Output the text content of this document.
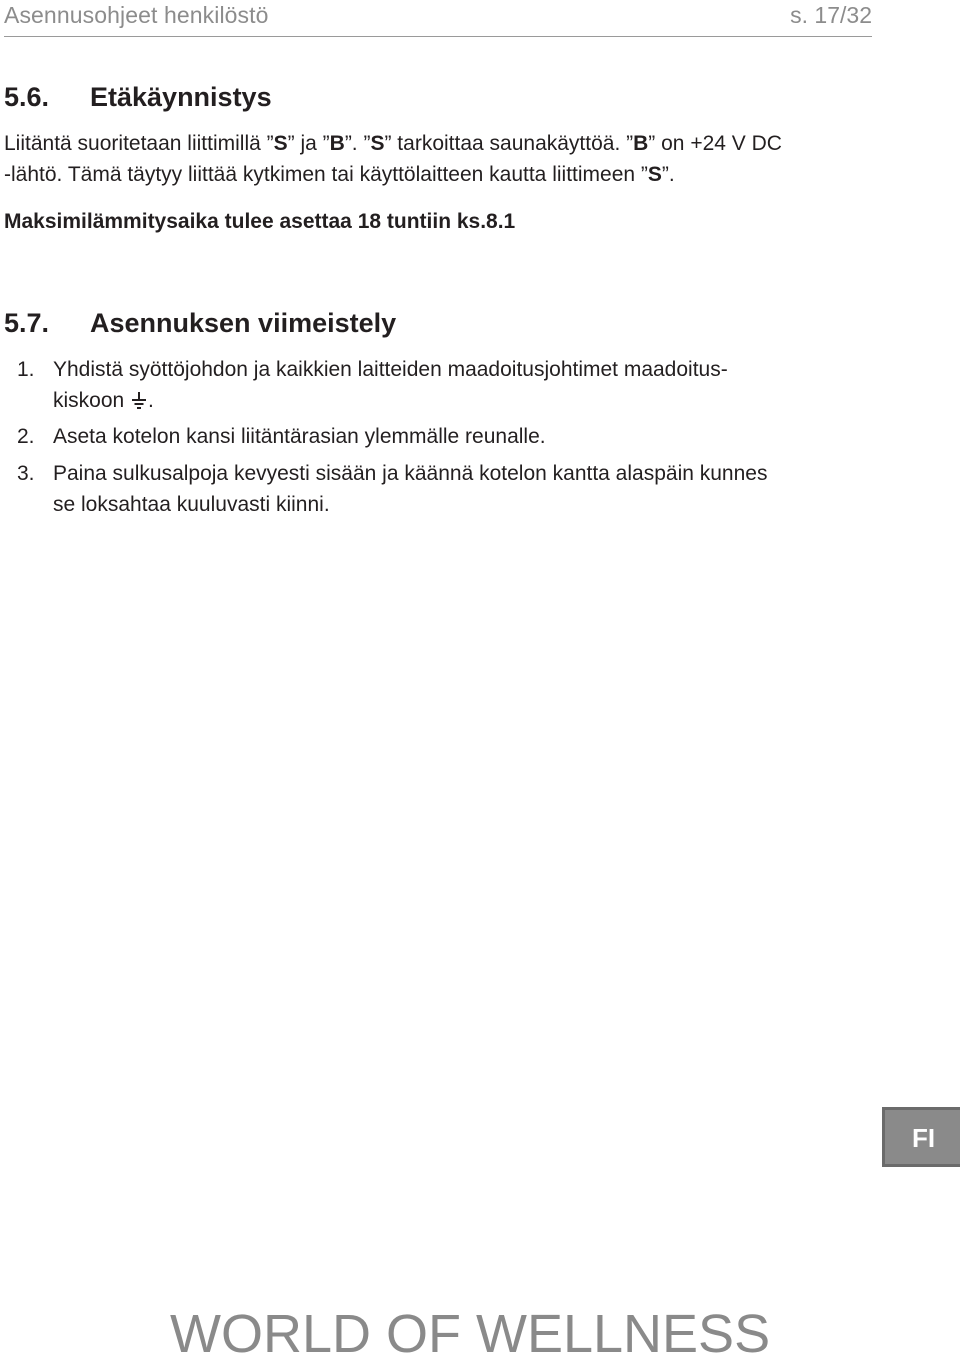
Asennusohjeet henkilöstö	s. 17/32
5.6. Etäkäynnistys
Liitäntä suoritetaan liittimillä ”S” ja ”B”. ”S” tarkoittaa saunakäyttöä. ”B” on +24 V DC
-lähtö. Tämä täytyy liittää kytkimen tai käyttölaitteen kautta liittimeen ”S”.
Maksimilämmitysaika tulee asettaa 18 tuntiin ks.8.1
5.7. Asennuksen viimeistely
1. Yhdistä syöttöjohdon ja kaikkien laitteiden maadoitusjohtimet maadoitus-
kiskoon .
2. Aseta kotelon kansi liitäntärasian ylemmälle reunalle.
3. Paina sulkusalpoja kevyesti sisään ja käännä kotelon kantta alaspäin kunnes
se loksahtaa kuuluvasti kiinni.
FI
WORLD OF WELLNESS
